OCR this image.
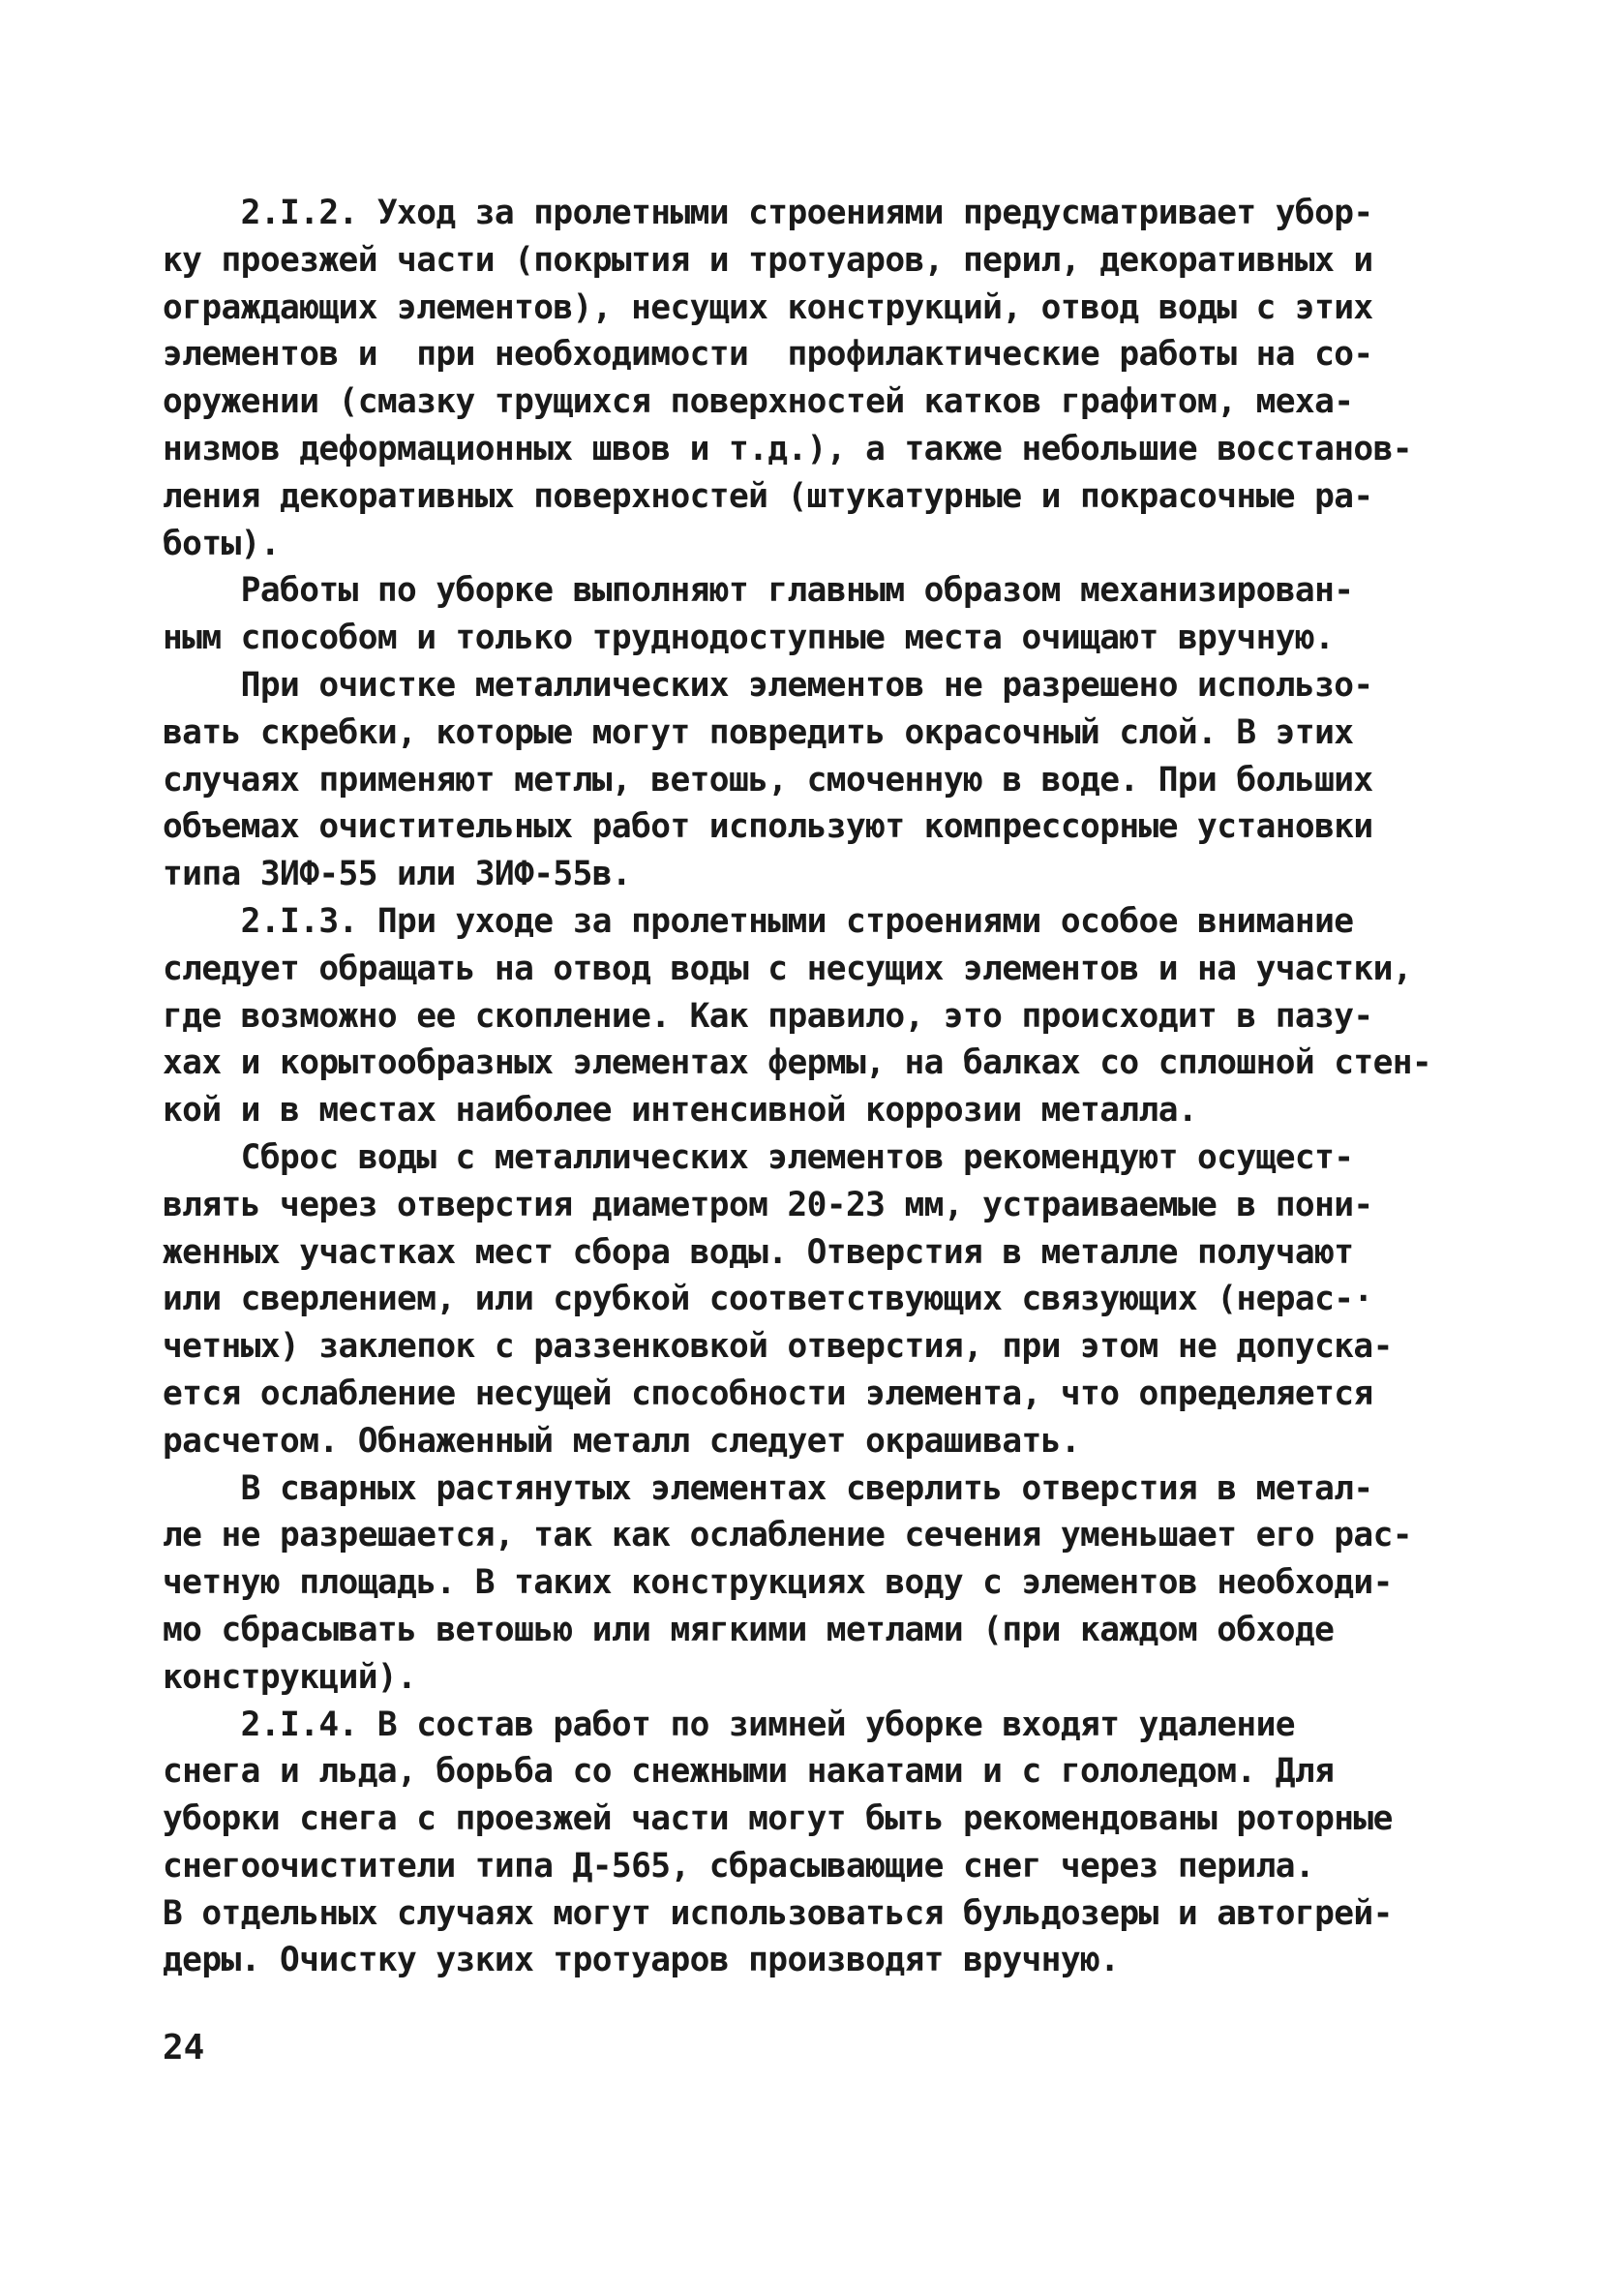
2.I.2. Уход за пролетными строениями предусматривает убор-
ку проезжей части (покрытия и тротуаров, перил, декоративных и
ограждающих элементов), несущих конструкций, отвод воды с этих
элементов и  при необходимости  профилактические работы на со-
оружении (смазку трущихся поверхностей катков графитом, меха-
низмов деформационных швов и т.д.), а также небольшие восстанов-
ления декоративных поверхностей (штукатурные и покрасочные ра-
боты).
Работы по уборке выполняют главным образом механизирован-
ным способом и только труднодоступные места очищают вручную.
При очистке металлических элементов не разрешено использо-
вать скребки, которые могут повредить окрасочный слой. В этих
случаях применяют метлы, ветошь, смоченную в воде. При больших
объемах очистительных работ используют компрессорные установки
типа ЗИФ-55 или ЗИФ-55в.
2.I.3. При уходе за пролетными строениями особое внимание
следует обращать на отвод воды с несущих элементов и на участки,
где возможно ее скопление. Как правило, это происходит в пазу-
хах и корытообразных элементах фермы, на балках со сплошной стен-
кой и в местах наиболее интенсивной коррозии металла.
Сброс воды с металлических элементов рекомендуют осущест-
влять через отверстия диаметром 20-23 мм, устраиваемые в пони-
женных участках мест сбора воды. Отверстия в металле получают
или сверлением, или срубкой соответствующих связующих (нерас-·
четных) заклепок с раззенковкой отверстия, при этом не допуска-
ется ослабление несущей способности элемента, что определяется
расчетом. Обнаженный металл следует окрашивать.
В сварных растянутых элементах сверлить отверстия в метал-
ле не разрешается, так как ослабление сечения уменьшает его рас-
четную площадь. В таких конструкциях воду с элементов необходи-
мо сбрасывать ветошью или мягкими метлами (при каждом обходе
конструкций).
2.I.4. В состав работ по зимней уборке входят удаление
снега и льда, борьба со снежными накатами и с гололедом. Для
уборки снега с проезжей части могут быть рекомендованы роторные
снегоочистители типа Д-565, сбрасывающие снег через перила.
В отдельных случаях могут использоваться бульдозеры и автогрей-
деры. Очистку узких тротуаров производят вручную.
24
